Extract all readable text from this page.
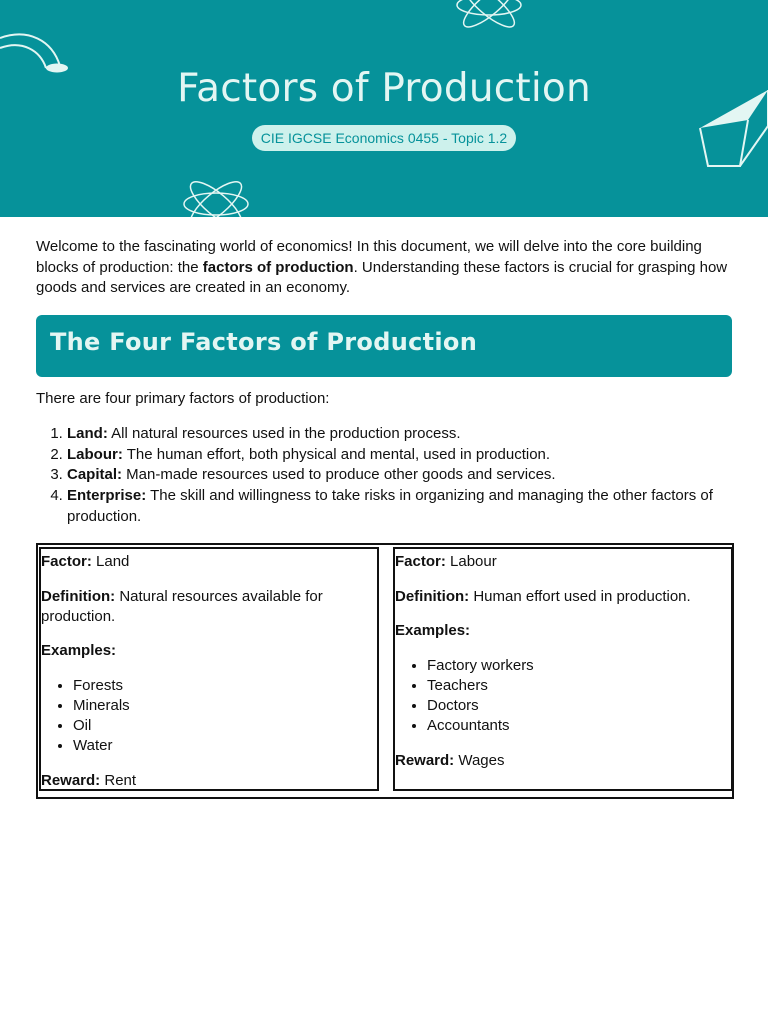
Factors of Production
CIE IGCSE Economics 0455 - Topic 1.2

Welcome to the fascinating world of economics! In this document, we will delve into the core building blocks of production: the factors of production. Understanding these factors is crucial for grasping how goods and services are created in an economy.

The Four Factors of Production

There are four primary factors of production:

1. Land: All natural resources used in the production process.
2. Labour: The human effort, both physical and mental, used in production.
3. Capital: Man-made resources used to produce other goods and services.
4. Enterprise: The skill and willingness to take risks in organizing and managing the other factors of production.

Factor: Land

Definition: Natural resources available for production.

Examples:

• Forests
• Minerals
• Oil
• Water

Reward: Rent

Factor: Labour

Definition: Human effort used in production.

Examples:

• Factory workers
• Teachers
• Doctors
• Accountants

Reward: Wages
